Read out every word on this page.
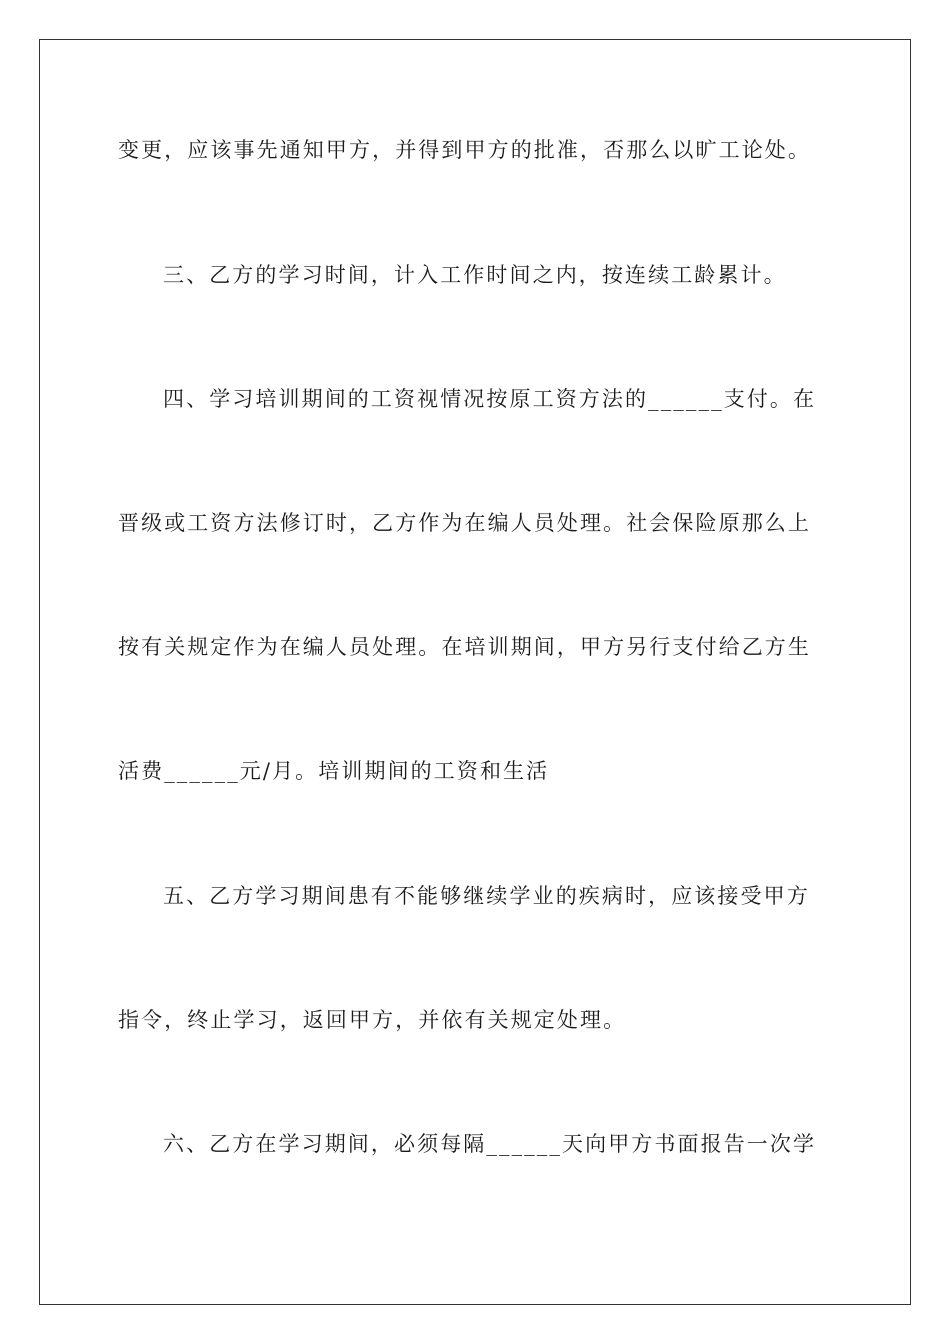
变更，应该事先通知甲方，并得到甲方的批准，否那么以旷工论处。
三、乙方的学习时间，计入工作时间之内，按连续工龄累计。
四、学习培训期间的工资视情况按原工资方法的______支付。在
晋级或工资方法修订时，乙方作为在编人员处理。社会保险原那么上
按有关规定作为在编人员处理。在培训期间，甲方另行支付给乙方生
活费______元/月。培训期间的工资和生活
五、乙方学习期间患有不能够继续学业的疾病时，应该接受甲方
指令，终止学习，返回甲方，并依有关规定处理。
六、乙方在学习期间，必须每隔______天向甲方书面报告一次学
